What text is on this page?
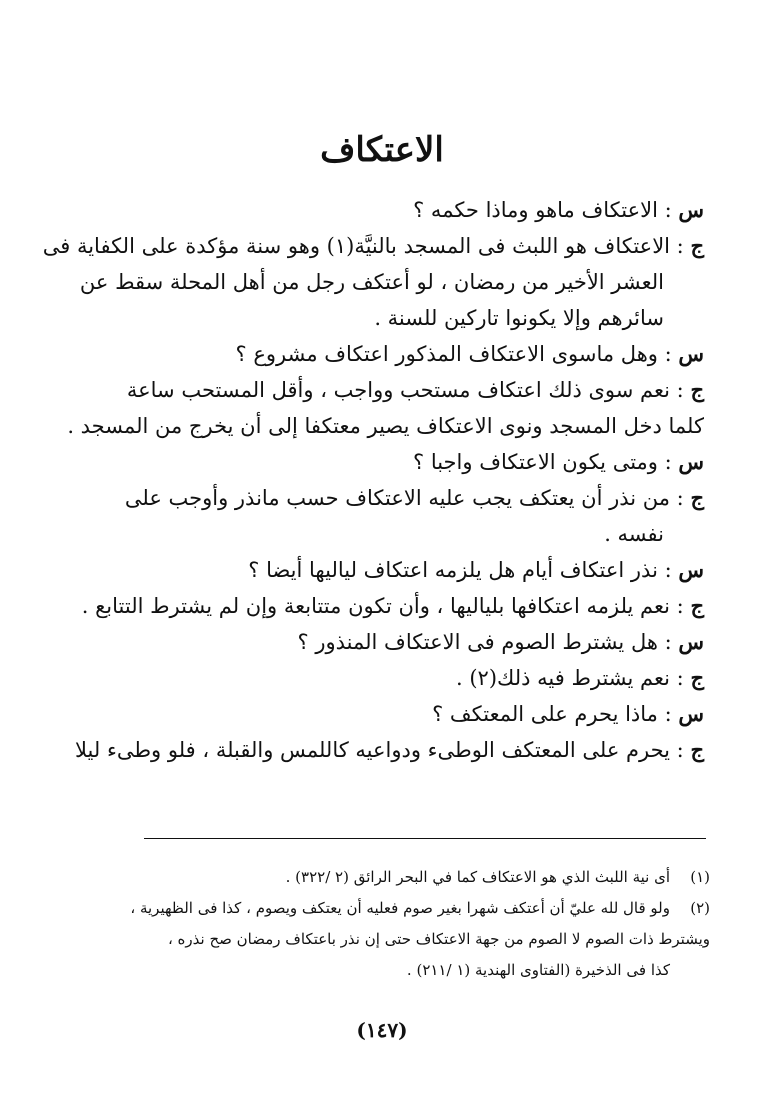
الاعتكاف
س : الاعتكاف ماهو وماذا حكمه ؟
ج : الاعتكاف هو اللبث فى المسجد بالنيَّة(١) وهو سنة مؤكدة على الكفاية فى
العشر الأخير من رمضان ، لو أعتكف رجل من أهل المحلة سقط عن
سائرهم وإلا يكونوا تاركين للسنة .
س : وهل ماسوى الاعتكاف المذكور اعتكاف مشروع ؟
ج : نعم سوى ذلك اعتكاف مستحب وواجب ، وأقل المستحب ساعة
كلما دخل المسجد ونوى الاعتكاف يصير معتكفا إلى أن يخرج من المسجد .
س : ومتى يكون الاعتكاف واجبا ؟
ج : من نذر أن يعتكف يجب عليه الاعتكاف حسب مانذر وأوجب على
نفسه .
س : نذر اعتكاف أيام هل يلزمه اعتكاف لياليها أيضا ؟
ج : نعم يلزمه اعتكافها بلياليها ، وأن تكون متتابعة وإن لم يشترط التتابع .
س : هل يشترط الصوم فى الاعتكاف المنذور ؟
ج : نعم يشترط فيه ذلك(٢) .
س : ماذا يحرم على المعتكف ؟
ج : يحرم على المعتكف الوطىء ودواعيه كاللمس والقبلة ، فلو وطىء ليلا
(١)أى نية اللبث الذي هو الاعتكاف كما في البحر الرائق (٢ /٣٢٢) .
(٢)ولو قال لله عليّ أن أعتكف شهرا بغير صوم فعليه أن يعتكف ويصوم ، كذا فى الظهيرية ،
ويشترط ذات الصوم لا الصوم من جهة الاعتكاف حتى إن نذر باعتكاف رمضان صح نذره ،
كذا فى الذخيرة (الفتاوى الهندية (١ /٢١١) .
(١٤٧)
